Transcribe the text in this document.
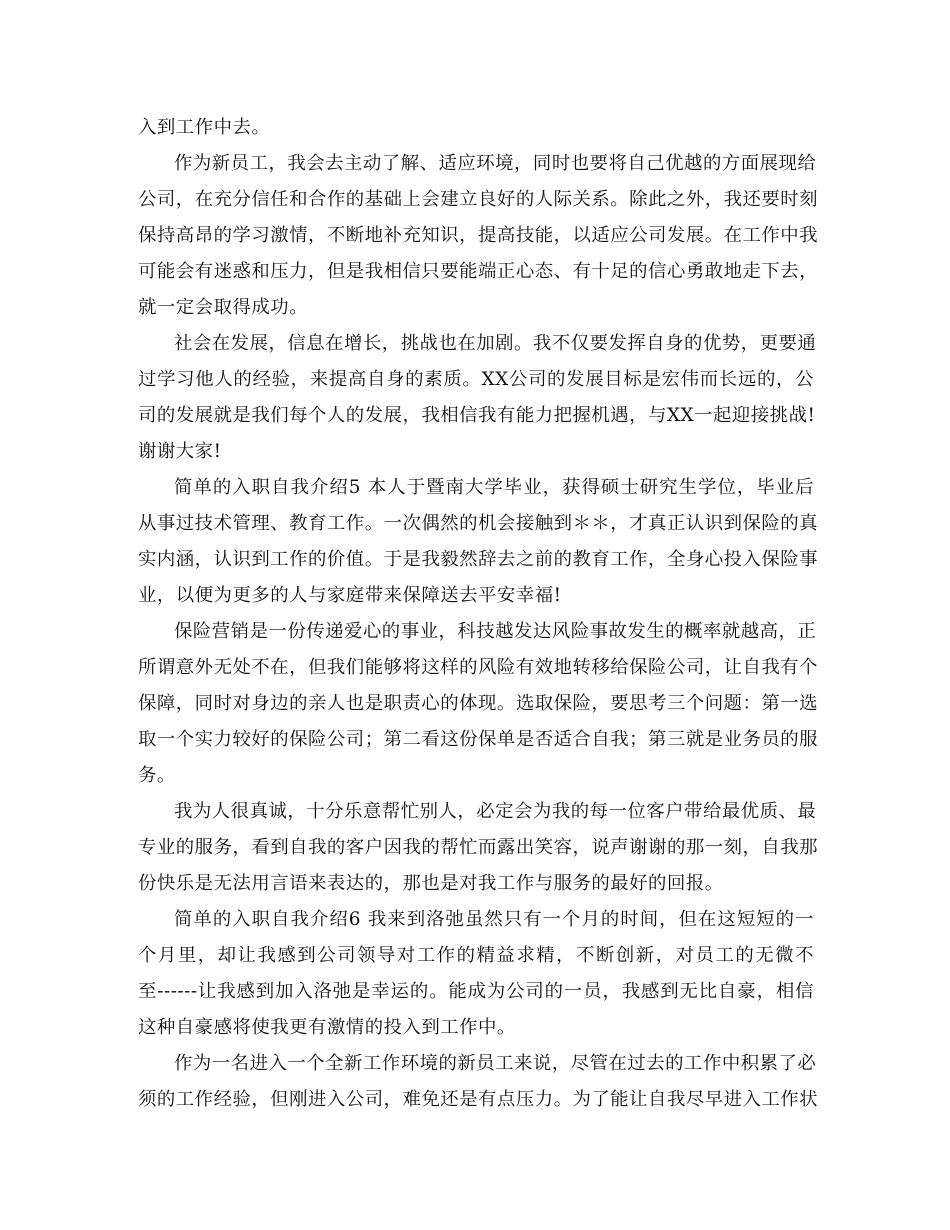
入到工作中去。
作为新员工，我会去主动了解、适应环境，同时也要将自己优越的方面展现给
公司，在充分信任和合作的基础上会建立良好的人际关系。除此之外，我还要时刻
保持高昂的学习激情，不断地补充知识，提高技能，以适应公司发展。在工作中我
可能会有迷惑和压力，但是我相信只要能端正心态、有十足的信心勇敢地走下去，
就一定会取得成功。
社会在发展，信息在增长，挑战也在加剧。我不仅要发挥自身的优势，更要通
过学习他人的经验，来提高自身的素质。XX公司的发展目标是宏伟而长远的，公
司的发展就是我们每个人的发展，我相信我有能力把握机遇，与XX一起迎接挑战!
谢谢大家!
简单的入职自我介绍5 本人于暨南大学毕业，获得硕士研究生学位，毕业后
从事过技术管理、教育工作。一次偶然的机会接触到＊＊，才真正认识到保险的真
实内涵，认识到工作的价值。于是我毅然辞去之前的教育工作，全身心投入保险事
业，以便为更多的人与家庭带来保障送去平安幸福!
保险营销是一份传递爱心的事业，科技越发达风险事故发生的概率就越高，正
所谓意外无处不在，但我们能够将这样的风险有效地转移给保险公司，让自我有个
保障，同时对身边的亲人也是职责心的体现。选取保险，要思考三个问题：第一选
取一个实力较好的保险公司；第二看这份保单是否适合自我；第三就是业务员的服
务。
我为人很真诚，十分乐意帮忙别人，必定会为我的每一位客户带给最优质、最
专业的服务，看到自我的客户因我的帮忙而露出笑容，说声谢谢的那一刻，自我那
份快乐是无法用言语来表达的，那也是对我工作与服务的最好的回报。
简单的入职自我介绍6 我来到洛弛虽然只有一个月的时间，但在这短短的一
个月里，却让我感到公司领导对工作的精益求精，不断创新，对员工的无微不
至------让我感到加入洛弛是幸运的。能成为公司的一员，我感到无比自豪，相信
这种自豪感将使我更有激情的投入到工作中。
作为一名进入一个全新工作环境的新员工来说，尽管在过去的工作中积累了必
须的工作经验，但刚进入公司，难免还是有点压力。为了能让自我尽早进入工作状
